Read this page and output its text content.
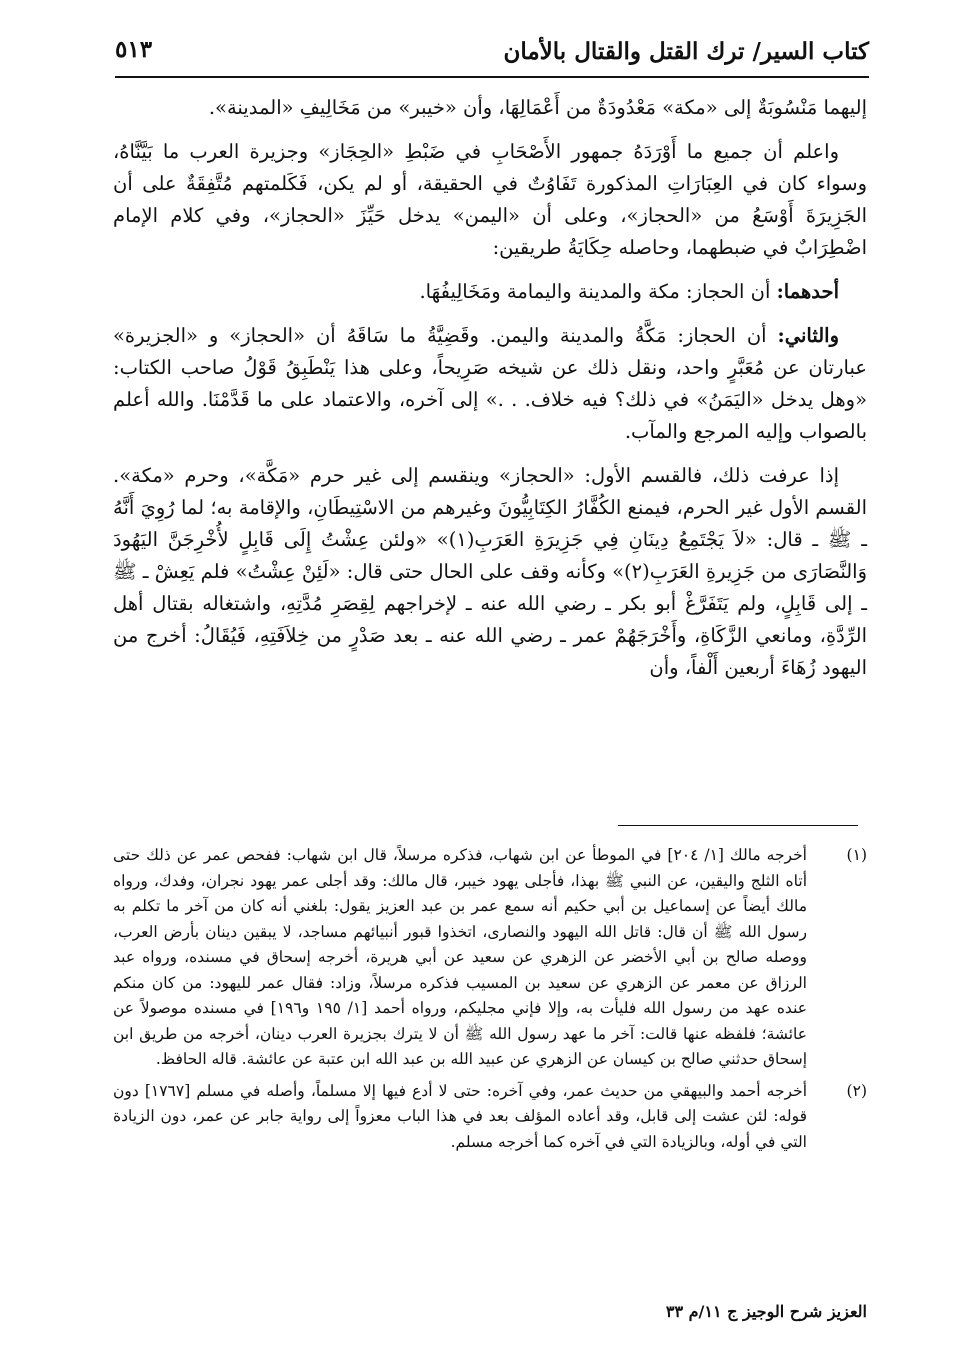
كتاب السير/ ترك القتل والقتال بالأمان
٥١٣

إليهما مَنْسُوبَةٌ إلى «مكة» مَعْدُودَةٌ من أَعْمَالِهَا، وأن «خيبر» من مَخَالِيفِ «المدينة».

واعلم أن جميع ما أَوْرَدَهُ جمهور الأَصْحَابِ في ضَبْطِ «الحِجَاز» وجزيرة العرب ما بَيَّنَّاهُ، وسواء كان في العِبَارَاتِ المذكورة تَفَاوُتٌ في الحقيقة، أو لم يكن، فَكَلمتهم مُتَّفِقَةٌ على أن الجَزِيرَةَ أَوْسَعُ من «الحجاز»، وعلى أن «اليمن» يدخل حَيِّزَ «الحجاز»، وفي كلام الإمام اضْطِرَابٌ في ضبطهما، وحاصله حِكَايَةُ طريقين:

أحدهما: أن الحجاز: مكة والمدينة واليمامة ومَخَالِيفُهَا.

والثاني: أن الحجاز: مَكَّةُ والمدينة واليمن. وقَضِيَّةُ ما سَاقَهُ أن «الحجاز» و «الجزيرة» عبارتان عن مُعَبَّرٍ واحد، ونقل ذلك عن شيخه صَرِيحاً، وعلى هذا يَنْطَبِقُ قَوْلُ صاحب الكتاب: «وهل يدخل «اليَمَنُ» في ذلك؟ فيه خلاف. . .» إلى آخره، والاعتماد على ما قَدَّمْنَا. والله أعلم بالصواب وإليه المرجع والمآب.

إذا عرفت ذلك، فالقسم الأول: «الحجاز» وينقسم إلى غير حرم «مَكَّة»، وحرم «مكة». القسم الأول غير الحرم، فيمنع الكُفَّارُ الكِتَابِيُّونَ وغيرهم من الاسْتِيطَانِ، والإقامة به؛ لما رُوِيَ أَنَّهُ ـ ﷺ ـ قال: «لاَ يَجْتَمِعُ دِينَانِ فِي جَزِيرَةِ العَرَبِ(١)» «ولئن عِشْتُ إِلَى قَابِلٍ لأُخْرِجَنَّ اليَهُودَ وَالنَّصَارَى من جَزِيرةِ العَرَبِ(٢)» وكأنه وقف على الحال حتى قال: «لَئِنْ عِشْتُ» فلم يَعِشْ ـ ﷺ ـ إلى قَابِلٍ، ولم يَتَفَرَّغْ أبو بكر ـ رضي الله عنه ـ لإخراجهم لِقِصَرِ مُدَّتِهِ، واشتغاله بقتال أهل الرِّدَّةِ، ومانعي الزَّكَاةِ، وأَخْرَجَهُمْ عمر ـ رضي الله عنه ـ بعد صَدْرٍ من خِلاَفَتِهِ، فَيُقَالُ: أخرج من اليهود زُهَاءَ أربعين أَلْفاً، وأن

(١)
أخرجه مالك [١/ ٢٠٤] في الموطأ عن ابن شهاب، فذكره مرسلاً، قال ابن شهاب: ففحص عمر عن ذلك حتى أتاه الثلج واليقين، عن النبي ﷺ بهذا، فأجلى يهود خيبر، قال مالك: وقد أجلى عمر يهود نجران، وفدك، ورواه مالك أيضاً عن إسماعيل بن أبي حكيم أنه سمع عمر بن عبد العزيز يقول: بلغني أنه كان من آخر ما تكلم به رسول الله ﷺ أن قال: قاتل الله اليهود والنصارى، اتخذوا قبور أنبيائهم مساجد، لا يبقين دينان بأرض العرب، ووصله صالح بن أبي الأخضر عن الزهري عن سعيد عن أبي هريرة، أخرجه إسحاق في مسنده، ورواه عبد الرزاق عن معمر عن الزهري عن سعيد بن المسيب فذكره مرسلاً، وزاد: فقال عمر لليهود: من كان منكم عنده عهد من رسول الله فليأت به، وإلا فإني مجليكم، ورواه أحمد [١/ ١٩٥ و١٩٦] في مسنده موصولاً عن عائشة؛ فلفظه عنها قالت: آخر ما عهد رسول الله ﷺ أن لا يترك بجزيرة العرب دينان، أخرجه من طريق ابن إسحاق حدثني صالح بن كيسان عن الزهري عن عبيد الله بن عبد الله ابن عتبة عن عائشة. قاله الحافظ.
(٢)
أخرجه أحمد والبيهقي من حديث عمر، وفي آخره: حتى لا أدع فيها إلا مسلماً، وأصله في مسلم [١٧٦٧] دون قوله: لئن عشت إلى قابل، وقد أعاده المؤلف بعد في هذا الباب معزواً إلى رواية جابر عن عمر، دون الزيادة التي في أوله، وبالزيادة التي في آخره كما أخرجه مسلم.
العزيز شرح الوجيز ج ١١/م ٣٣
